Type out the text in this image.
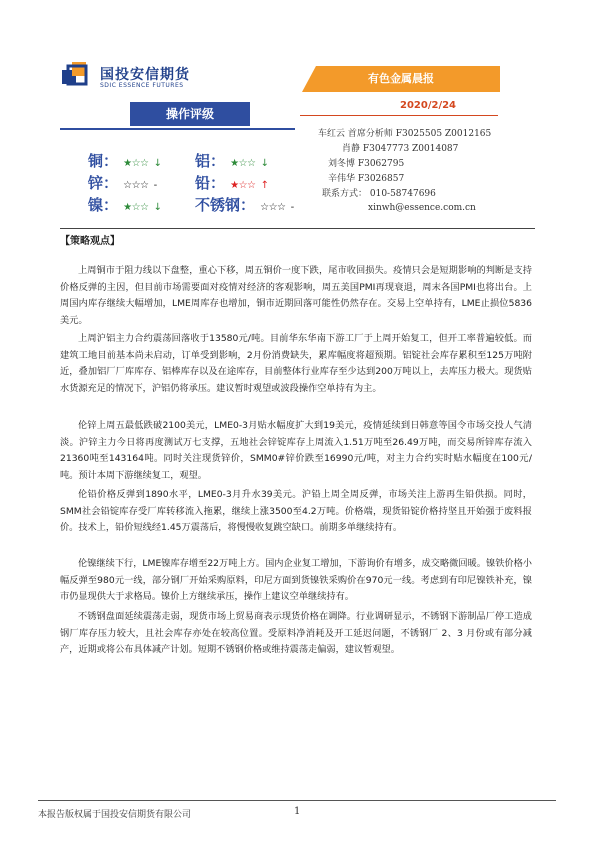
国投安信期货
SDIC ESSENCE FUTURES
有色金属晨报
2020/2/24
操作评级
铜： ★☆☆ ↓ 铝： ★☆☆ ↓
锌： ☆☆☆ -	铅： ★☆☆ ↑
镍： ★☆☆ ↓ 不锈钢： ☆☆☆ -
车红云 首席分析师 F3025505 Z0012165
肖静 F3047773 Z0014087
刘冬博 F3062795
辛伟华 F3026857
联系方式： 010-58747696
xinwh@essence.com.cn
【策略观点】
上周铜市于阻力线以下盘整，重心下移，周五铜价一度下跌，尾市收回损失。疫情只会是短期影响的判断是支持价格反弹的主因，但目前市场需要面对疫情对经济的客观影响，周五美国PMI再现衰退，周末各国PMI也将出台。上周国内库存继续大幅增加，LME周库存也增加，铜市近期回落可能性仍然存在。交易上空单持有，LME止损位5836美元。
上周沪铝主力合约震荡回落收于13580元/吨。目前华东华南下游工厂于上周开始复工，但开工率普遍较低。而建筑工地目前基本尚未启动，订单受到影响，2月份消费缺失，累库幅度将超预期。铝锭社会库存累积至125万吨附近，叠加铝厂厂库库存、铝棒库存以及在途库存，目前整体行业库存至少达到200万吨以上，去库压力极大。现货贴水货源充足的情况下，沪铝仍将承压。建议暂时观望或波段操作空单持有为主。
伦锌上周五最低跌破2100美元，LME0-3月贴水幅度扩大到19美元，疫情延续到日韩意等国令市场交投人气清淡。沪锌主力今日将再度测试万七支撑，五地社会锌锭库存上周流入1.51万吨至26.49万吨，而交易所锌库存流入21360吨至143164吨。同时关注现货锌价，SMM0#锌价跌至16990元/吨，对主力合约实时贴水幅度在100元/吨。预计本周下游继续复工，观望。
伦铅价格反弹到1890水平，LME0-3月升水39美元。沪铅上周全周反弹，市场关注上游再生铅供损。同时，SMM社会铅锭库存受厂库转移流入拖累，继续上涨3500至4.2万吨。价格端，现货铅锭价格持坚且开始强于废料报价。技术上，铅价短线经1.45万震荡后，将慢慢收复跳空缺口。前期多单继续持有。
伦镍继续下行，LME镍库存增至22万吨上方。国内企业复工增加，下游询价有增多，成交略微回暖。镍铁价格小幅反弹至980元一线，部分钢厂开始采购原料，印尼方面到货镍铁采购价在970元一线。考虑到有印尼镍铁补充，镍市仍显现供大于求格局。镍价上方继续承压，操作上建议空单继续持有。
不锈钢盘面延续震荡走弱，现货市场上贸易商表示现货价格在调降。行业调研显示，不锈钢下游制品厂停工造成钢厂库存压力较大，且社会库存亦处在较高位置。受原料净消耗及开工延迟问题，不锈钢厂 2、3 月份或有部分减产，近期或将公布具体减产计划。短期不锈钢价格或维持震荡走偏弱，建议暂观望。
本报告版权属于国投安信期货有限公司	1
